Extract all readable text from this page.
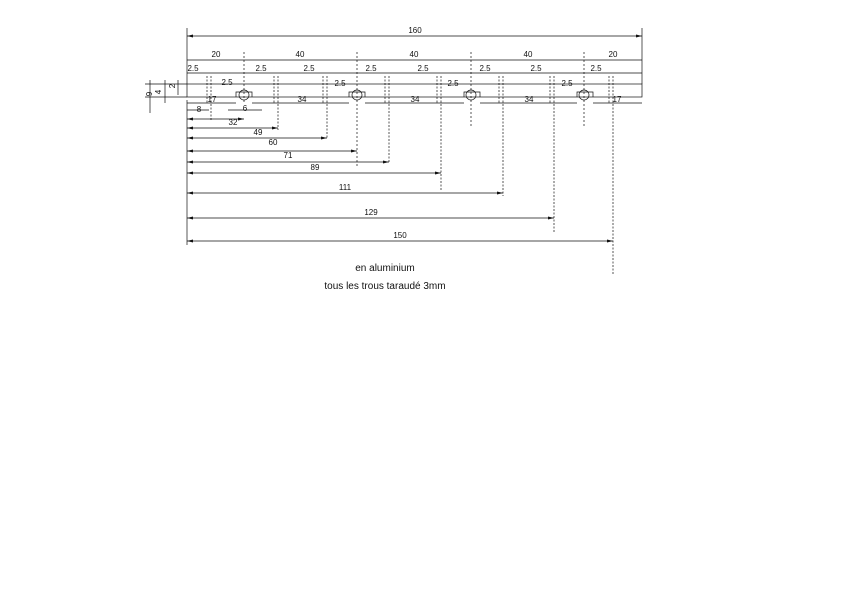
160
20	40	40	40	20
2.5
2.5
2.5	2.5
2.5
2.5	2.5
2.5
2.5	2.5
2.5
2.5
6 4
2
17
6
8
34	34	34	17
32
49
60
71
89
111
129
150
en aluminium
tous les trous taraudé 3mm
